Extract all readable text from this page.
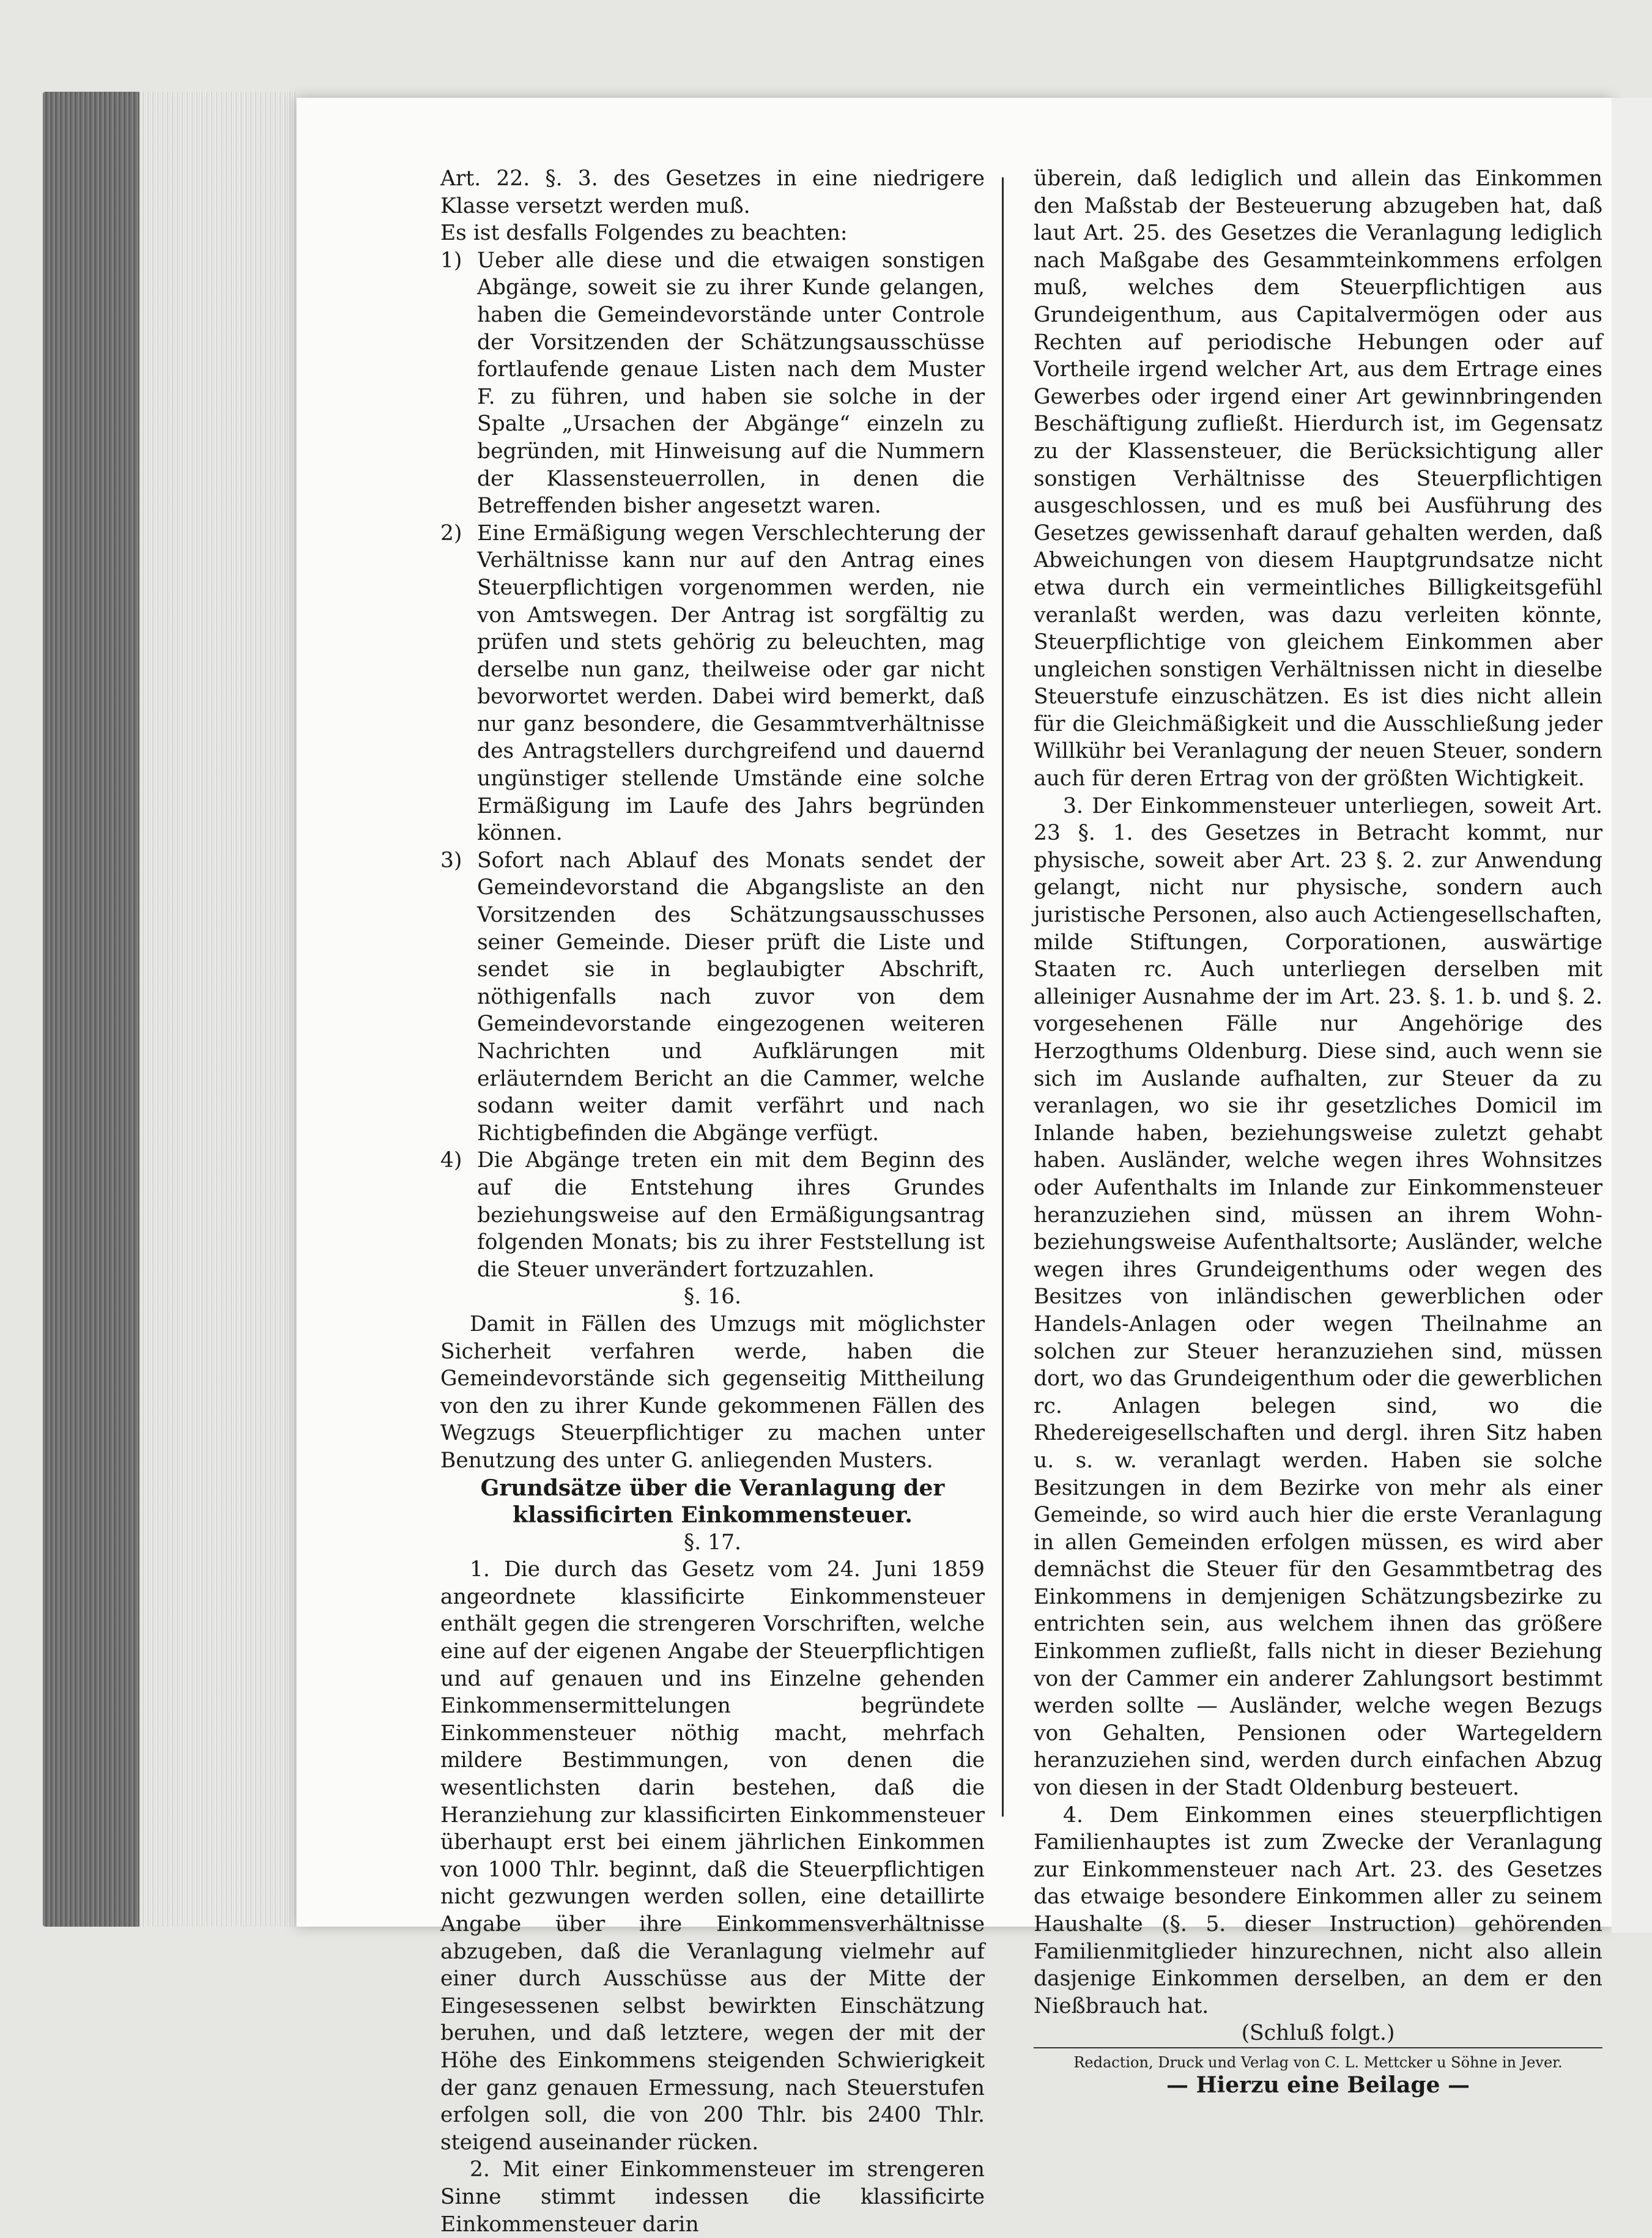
Art. 22. §. 3. des Gesetzes in eine niedrigere Klasse versetzt werden muß.

Es ist desfalls Folgendes zu beachten:

1) Ueber alle diese und die etwaigen sonstigen Abgänge, soweit sie zu ihrer Kunde gelangen, haben die Gemeindevorstände unter Controle der Vorsitzenden der Schätzungsausschüsse fortlaufende genaue Listen nach dem Muster F. zu führen, und haben sie solche in der Spalte „Ursachen der Abgänge“ einzeln zu begründen, mit Hinweisung auf die Nummern der Klassensteuerrollen, in denen die Betreffenden bisher angesetzt waren.
2) Eine Ermäßigung wegen Verschlechterung der Verhältnisse kann nur auf den Antrag eines Steuerpflichtigen vorgenommen werden, nie von Amtswegen. Der Antrag ist sorgfältig zu prüfen und stets gehörig zu beleuchten, mag derselbe nun ganz, theilweise oder gar nicht bevorwortet werden. Dabei wird bemerkt, daß nur ganz besondere, die Gesammtverhältnisse des Antragstellers durchgreifend und dauernd ungünstiger stellende Umstände eine solche Ermäßigung im Laufe des Jahrs begründen können.
3) Sofort nach Ablauf des Monats sendet der Gemeindevorstand die Abgangsliste an den Vorsitzenden des Schätzungsausschusses seiner Gemeinde. Dieser prüft die Liste und sendet sie in beglaubigter Abschrift, nöthigenfalls nach zuvor von dem Gemeindevorstande eingezogenen weiteren Nachrichten und Aufklärungen mit erläuterndem Bericht an die Cammer, welche sodann weiter damit verfährt und nach Richtigbefinden die Abgänge verfügt.
4) Die Abgänge treten ein mit dem Beginn des auf die Entstehung ihres Grundes beziehungsweise auf den Ermäßigungsantrag folgenden Monats; bis zu ihrer Feststellung ist die Steuer unverändert fortzuzahlen.

§. 16.

Damit in Fällen des Umzugs mit möglichster Sicherheit verfahren werde, haben die Gemeindevorstände sich gegenseitig Mittheilung von den zu ihrer Kunde gekommenen Fällen des Wegzugs Steuerpflichtiger zu machen unter Benutzung des unter G. anliegenden Musters.

Grundsätze über die Veranlagung der klassificirten Einkommensteuer.

§. 17.

1. Die durch das Gesetz vom 24. Juni 1859 angeordnete klassificirte Einkommensteuer enthält gegen die strengeren Vorschriften, welche eine auf der eigenen Angabe der Steuerpflichtigen und auf genauen und ins Einzelne gehenden Einkommensermittelungen begründete Einkommensteuer nöthig macht, mehrfach mildere Bestimmungen, von denen die wesentlichsten darin bestehen, daß die Heranziehung zur klassificirten Einkommensteuer überhaupt erst bei einem jährlichen Einkommen von 1000 Thlr. beginnt, daß die Steuerpflichtigen nicht gezwungen werden sollen, eine detaillirte Angabe über ihre Einkommensverhältnisse abzugeben, daß die Veranlagung vielmehr auf einer durch Ausschüsse aus der Mitte der Eingesessenen selbst bewirkten Einschätzung beruhen, und daß letztere, wegen der mit der Höhe des Einkommens steigenden Schwierigkeit der ganz genauen Ermessung, nach Steuerstufen erfolgen soll, die von 200 Thlr. bis 2400 Thlr. steigend auseinander rücken.

2. Mit einer Einkommensteuer im strengeren Sinne stimmt indessen die klassificirte Einkommensteuer darin

überein, daß lediglich und allein das Einkommen den Maßstab der Besteuerung abzugeben hat, daß laut Art. 25. des Gesetzes die Veranlagung lediglich nach Maßgabe des Gesammteinkommens erfolgen muß, welches dem Steuerpflichtigen aus Grundeigenthum, aus Capitalvermögen oder aus Rechten auf periodische Hebungen oder auf Vortheile irgend welcher Art, aus dem Ertrage eines Gewerbes oder irgend einer Art gewinnbringenden Beschäftigung zufließt. Hierdurch ist, im Gegensatz zu der Klassensteuer, die Berücksichtigung aller sonstigen Verhältnisse des Steuerpflichtigen ausgeschlossen, und es muß bei Ausführung des Gesetzes gewissenhaft darauf gehalten werden, daß Abweichungen von diesem Hauptgrundsatze nicht etwa durch ein vermeintliches Billigkeitsgefühl veranlaßt werden, was dazu verleiten könnte, Steuerpflichtige von gleichem Einkommen aber ungleichen sonstigen Verhältnissen nicht in dieselbe Steuerstufe einzuschätzen. Es ist dies nicht allein für die Gleichmäßigkeit und die Ausschließung jeder Willkühr bei Veranlagung der neuen Steuer, sondern auch für deren Ertrag von der größten Wichtigkeit.

3. Der Einkommensteuer unterliegen, soweit Art. 23 §. 1. des Gesetzes in Betracht kommt, nur physische, soweit aber Art. 23 §. 2. zur Anwendung gelangt, nicht nur physische, sondern auch juristische Personen, also auch Actiengesellschaften, milde Stiftungen, Corporationen, auswärtige Staaten rc. Auch unterliegen derselben mit alleiniger Ausnahme der im Art. 23. §. 1. b. und §. 2. vorgesehenen Fälle nur Angehörige des Herzogthums Oldenburg. Diese sind, auch wenn sie sich im Auslande aufhalten, zur Steuer da zu veranlagen, wo sie ihr gesetzliches Domicil im Inlande haben, beziehungsweise zuletzt gehabt haben. Ausländer, welche wegen ihres Wohnsitzes oder Aufenthalts im Inlande zur Einkommensteuer heranzuziehen sind, müssen an ihrem Wohn- beziehungsweise Aufenthaltsorte; Ausländer, welche wegen ihres Grundeigenthums oder wegen des Besitzes von inländischen gewerblichen oder Handels-Anlagen oder wegen Theilnahme an solchen zur Steuer heranzuziehen sind, müssen dort, wo das Grundeigenthum oder die gewerblichen rc. Anlagen belegen sind, wo die Rhedereigesellschaften und dergl. ihren Sitz haben u. s. w. veranlagt werden. Haben sie solche Besitzungen in dem Bezirke von mehr als einer Gemeinde, so wird auch hier die erste Veranlagung in allen Gemeinden erfolgen müssen, es wird aber demnächst die Steuer für den Gesammtbetrag des Einkommens in demjenigen Schätzungsbezirke zu entrichten sein, aus welchem ihnen das größere Einkommen zufließt, falls nicht in dieser Beziehung von der Cammer ein anderer Zahlungsort bestimmt werden sollte — Ausländer, welche wegen Bezugs von Gehalten, Pensionen oder Wartegeldern heranzuziehen sind, werden durch einfachen Abzug von diesen in der Stadt Oldenburg besteuert.

4. Dem Einkommen eines steuerpflichtigen Familienhauptes ist zum Zwecke der Veranlagung zur Einkommensteuer nach Art. 23. des Gesetzes das etwaige besondere Einkommen aller zu seinem Haushalte (§. 5. dieser Instruction) gehörenden Familienmitglieder hinzurechnen, nicht also allein dasjenige Einkommen derselben, an dem er den Nießbrauch hat.

(Schluß folgt.)

Redaction, Druck und Verlag von C. L. Mettcker u Söhne in Jever.

— Hierzu eine Beilage —
